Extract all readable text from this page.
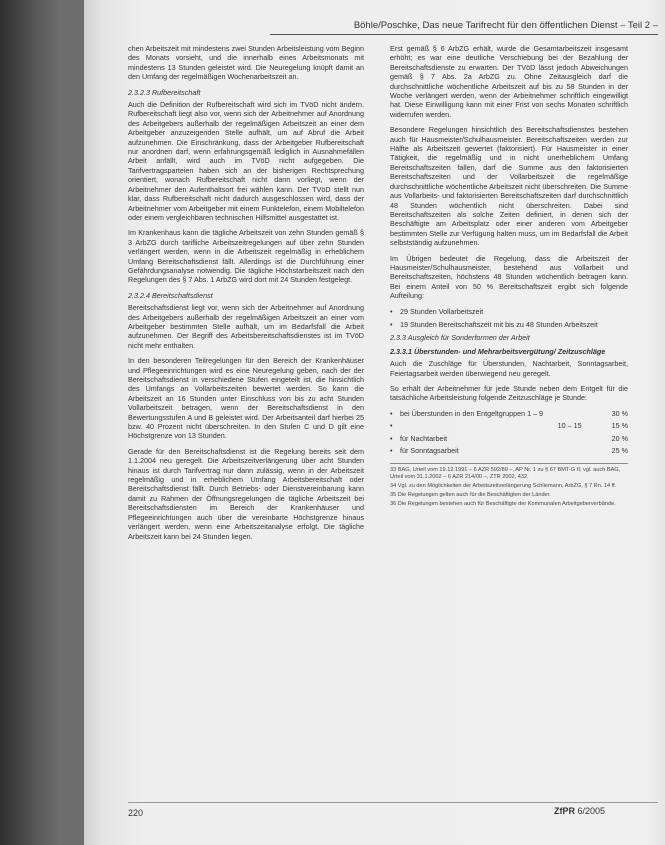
Böhle/Poschke, Das neue Tarifrecht für den öffentlichen Dienst – Teil 2 –

chen Arbeitszeit mit mindestens zwei Stunden Arbeitsleistung vom Beginn des Monats vorsieht, und die innerhalb eines Arbeitsmonats mit mindestens 13 Stunden geleistet wird. Die Neuregelung knüpft damit an den Umfang der regelmäßigen Wochenarbeitszeit an.

2.3.2.3 Rufbereitschaft

Auch die Definition der Rufbereitschaft wird sich im TVöD nicht ändern. Rufbereitschaft liegt also vor, wenn sich der Arbeitnehmer auf Anordnung des Arbeitgebers außerhalb der regelmäßigen Arbeitszeit an einer dem Arbeitgeber anzuzeigenden Stelle aufhält, um auf Abruf die Arbeit aufzunehmen. Die Einschränkung, dass der Arbeitgeber Rufbereitschaft nur anordnen darf, wenn erfahrungsgemäß lediglich in Ausnahmefällen Arbeit anfällt, wird auch im TVöD nicht aufgegeben. Die Tarifvertragsparteien haben sich an der bisherigen Rechtsprechung orientiert, wonach Rufbereitschaft nicht dann vorliegt, wenn der Arbeitnehmer den Aufenthaltsort frei wählen kann. Der TVöD stellt nun klar, dass Rufbereitschaft nicht dadurch ausgeschlossen wird, dass der Arbeitnehmer vom Arbeitgeber mit einem Funktelefon, einem Mobiltelefon oder einem vergleichbaren technischen Hilfsmittel ausgestattet ist.

Im Krankenhaus kann die tägliche Arbeitszeit von zehn Stunden gemäß § 3 ArbZG durch tarifliche Arbeitszeitregelungen auf über zehn Stunden verlängert werden, wenn in die Arbeitszeit regelmäßig in erheblichem Umfang Bereitschaftsdienst fällt. Allerdings ist die Durchführung einer Gefährdungsanalyse notwendig. Die tägliche Höchstarbeitszeit nach den Regelungen des § 7 Abs. 1 ArbZG wird dort mit 24 Stunden festgelegt.

2.3.2.4 Bereitschaftsdienst

Bereitschaftsdienst liegt vor, wenn sich der Arbeitnehmer auf Anordnung des Arbeitgebers außerhalb der regelmäßigen Arbeitszeit an einer vom Arbeitgeber bestimmten Stelle aufhält, um im Bedarfsfall die Arbeit aufzunehmen. Der Begriff des Arbeitsbereitschaftsdienstes ist im TVöD nicht mehr enthalten.

In den besonderen Teilregelungen für den Bereich der Krankenhäuser und Pflegeeinrichtungen wird es eine Neuregelung geben, nach der der Bereitschaftsdienst in verschiedene Stufen eingeteilt ist, die hinsichtlich des Umfangs an Vollarbeitszeiten bewertet werden. So kann die Arbeitszeit an 16 Stunden unter Einschluss von bis zu acht Stunden Vollarbeitszeit betragen, wenn der Bereitschaftsdienst in den Bewertungsstufen A und B geleistet wird. Der Arbeitsanteil darf hierbei 25 bzw. 40 Prozent nicht überschreiten. In den Stufen C und D gilt eine Höchstgrenze von 13 Stunden.

Gerade für den Bereitschaftsdienst ist die Regelung bereits seit dem 1.1.2004 neu geregelt. Die Arbeitszeitverlängerung über acht Stunden hinaus ist durch Tarifvertrag nur dann zulässig, wenn in der Arbeitszeit regelmäßig und in erheblichem Umfang Arbeitsbereitschaft oder Bereitschaftsdienst fällt. Durch Betriebs- oder Dienstvereinbarung kann damit zu Rahmen der Öffnungsregelungen die tägliche Arbeitszeit bei Bereitschaftsdiensten im Bereich der Krankenhäuser und Pflegeeinrichtungen auch über die vereinbarte Höchstgrenze hinaus verlängert werden, wenn eine Arbeitszeitanalyse erfolgt. Die tägliche Arbeitszeit kann bei 24 Stunden liegen.

Erst gemäß § 6 ArbZG erhält, wurde die Gesamtarbeitszeit insgesamt erhöht; es war eine deutliche Verschiebung bei der Bezahlung der Bereitschaftsdienste zu erwarten. Der TVöD lässt jedoch Abweichungen gemäß § 7 Abs. 2a ArbZG zu. Ohne Zeitausgleich darf die durchschnittliche wöchentliche Arbeitszeit auf bis zu 58 Stunden in der Woche verlängert werden, wenn der Arbeitnehmer schriftlich eingewilligt hat. Diese Einwilligung kann mit einer Frist von sechs Monaten schriftlich widerrufen werden.

Besondere Regelungen hinsichtlich des Bereitschaftsdienstes bestehen auch für Hausmeister/Schulhausmeister. Bereitschaftszeiten werden zur Hälfte als Arbeitszeit gewertet (faktorisiert). Für Hausmeister in einer Tätigkeit, die regelmäßig und in nicht unerheblichem Umfang Bereitschaftszeiten fallen, darf die Summe aus den faktorisierten Bereitschaftszeiten und der Vollarbeitszeit die regelmäßige durchschnittliche wöchentliche Arbeitszeit nicht überschreiten. Die Summe aus Vollarbeits- und faktorisierten Bereitschaftszeiten darf durchschnittlich 48 Stunden wöchentlich nicht überschreiten. Dabei sind Bereitschaftszeiten als solche Zeiten definiert, in denen sich der Beschäftigte am Arbeitsplatz oder einer anderen vom Arbeitgeber bestimmten Stelle zur Verfügung halten muss, um im Bedarfsfall die Arbeit selbstständig aufzunehmen.

Im Übrigen bedeutet die Regelung, dass die Arbeitszeit der Hausmeister/Schulhausmeister, bestehend aus Vollarbeit und Bereitschaftszeiten, höchstens 48 Stunden wöchentlich betragen kann. Bei einem Anteil von 50 % Bereitschaftszeit ergibt sich folgende Aufteilung:

• 29 Stunden Vollarbeitszeit
• 19 Stunden Bereitschaftszeit mit bis zu 48 Stunden Arbeitszeit
2.3.3 Ausgleich für Sonderformen der Arbeit
2.3.3.1 Überstunden- und Mehrarbeitsvergütung/ Zeitzuschläge

Auch die Zuschläge für Überstunden, Nachtarbeit, Sonntagsarbeit, Feiertagsarbeit werden überwiegend neu geregelt.

So erhält der Arbeitnehmer für jede Stunde neben dem Entgelt für die tatsächliche Arbeitsleistung folgende Zeitzuschläge je Stunde:

• bei Überstunden in den Entgeltgruppen 1 – 9	30 %
• 10 – 15	15 %
• für Nachtarbeit	20 %
• für Sonntagsarbeit	25 %
33 BAG, Urteil vom 19.12.1991 – 6 AZR 592/89 –, AP Nr. 1 zu § 67 BMT-G II; vgl. auch BAG, Urteil vom 31.1.2002 – 6 AZR 214/00 –, ZTR 2002, 432.
34 Vgl. zu den Möglichkeiten der Arbeitszeitverlängerung Schliemann, ArbZG, § 7 Rn. 14 ff.
35 Die Regelungen gelten auch für die Beschäftigten der Länder.
36 Die Regelungen bestehen auch für Beschäftigte der Kommunalen Arbeitgeberverbände.
220	ZfPR 6/2005
